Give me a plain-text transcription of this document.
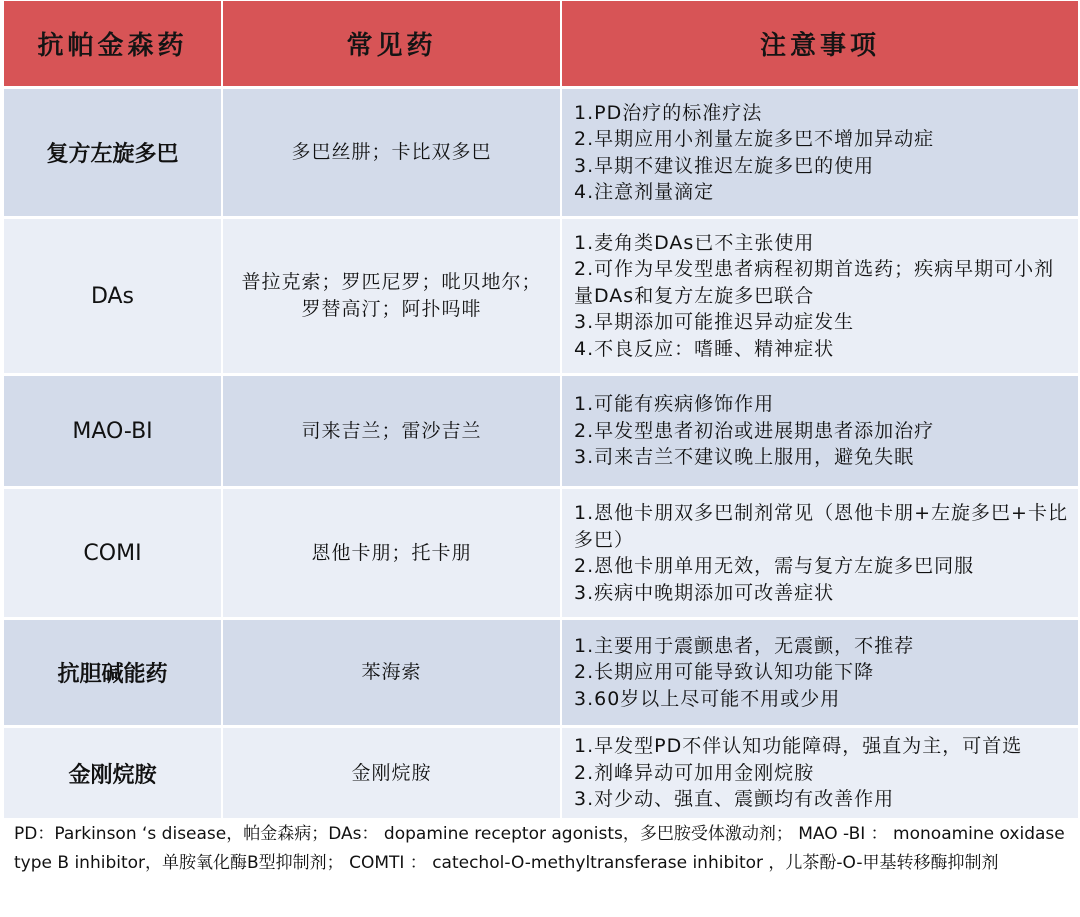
抗帕金森药	常见药	注意事项
复方左旋多巴	多巴丝肼；卡比双多巴	1.PD治疗的标准疗法
2.早期应用小剂量左旋多巴不增加异动症
3.早期不建议推迟左旋多巴的使用
4.注意剂量滴定

DAs	普拉克索；罗匹尼罗；吡贝地尔；罗替高汀；阿扑吗啡	1.麦角类DAs已不主张使用
2.可作为早发型患者病程初期首选药；疾病早期可小剂量DAs和复方左旋多巴联合
3.早期添加可能推迟异动症发生
4.不良反应：嗜睡、精神症状

MAO-BI	司来吉兰；雷沙吉兰	1.可能有疾病修饰作用
2.早发型患者初治或进展期患者添加治疗
3.司来吉兰不建议晚上服用，避免失眠

COMI	恩他卡朋；托卡朋	1.恩他卡朋双多巴制剂常见（恩他卡朋+左旋多巴+卡比多巴）
2.恩他卡朋单用无效，需与复方左旋多巴同服
3.疾病中晚期添加可改善症状

抗胆碱能药	苯海索	1.主要用于震颤患者，无震颤，不推荐
2.长期应用可能导致认知功能下降
3.60岁以上尽可能不用或少用

金刚烷胺	金刚烷胺	1.早发型PD不伴认知功能障碍，强直为主，可首选
2.剂峰异动可加用金刚烷胺
3.对少动、强直、震颤均有改善作用
PD：Parkinson ‘s disease，帕金森病；DAs： dopamine receptor agonists，多巴胺受体激动剂； MAO -BI ： monoamine oxidase type B inhibitor，单胺氧化酶B型抑制剂； COMTI ： catechol-O-methyltransferase inhibitor ，儿茶酚-O-甲基转移酶抑制剂
